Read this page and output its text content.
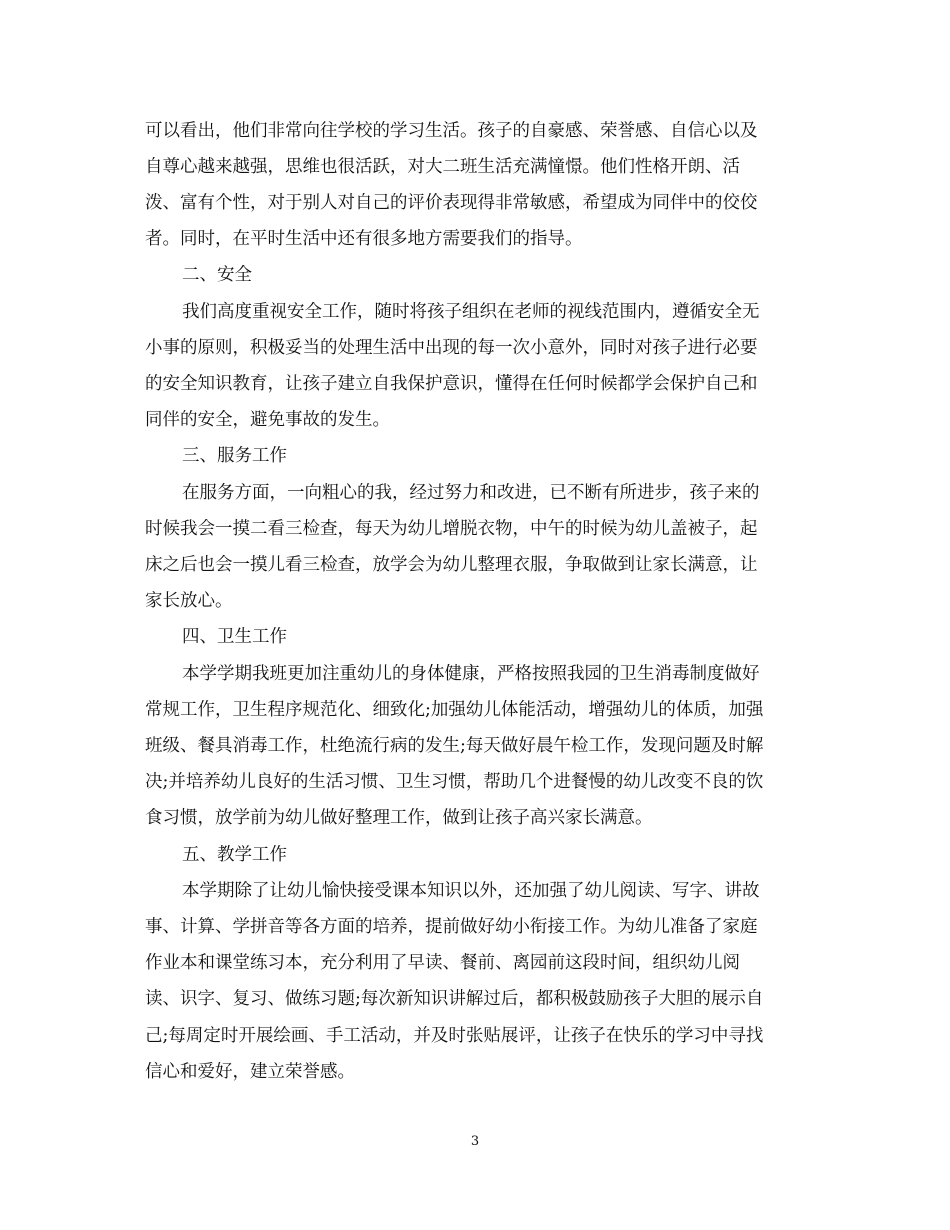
可以看出，他们非常向往学校的学习生活。孩子的自豪感、荣誉感、自信心以及
自尊心越来越强，思维也很活跃，对大二班生活充满憧憬。他们性格开朗、活
泼、富有个性，对于别人对自己的评价表现得非常敏感，希望成为同伴中的佼佼
者。同时，在平时生活中还有很多地方需要我们的指导。
二、安全
我们高度重视安全工作，随时将孩子组织在老师的视线范围内，遵循安全无
小事的原则，积极妥当的处理生活中出现的每一次小意外，同时对孩子进行必要
的安全知识教育，让孩子建立自我保护意识，懂得在任何时候都学会保护自己和
同伴的安全，避免事故的发生。
三、服务工作
在服务方面，一向粗心的我，经过努力和改进，已不断有所进步，孩子来的
时候我会一摸二看三检查，每天为幼儿增脱衣物，中午的时候为幼儿盖被子，起
床之后也会一摸儿看三检查，放学会为幼儿整理衣服，争取做到让家长满意，让
家长放心。
四、卫生工作
本学学期我班更加注重幼儿的身体健康，严格按照我园的卫生消毒制度做好
常规工作，卫生程序规范化、细致化;加强幼儿体能活动，增强幼儿的体质，加强
班级、餐具消毒工作，杜绝流行病的发生;每天做好晨午检工作，发现问题及时解
决;并培养幼儿良好的生活习惯、卫生习惯，帮助几个进餐慢的幼儿改变不良的饮
食习惯，放学前为幼儿做好整理工作，做到让孩子高兴家长满意。
五、教学工作
本学期除了让幼儿愉快接受课本知识以外，还加强了幼儿阅读、写字、讲故
事、计算、学拼音等各方面的培养，提前做好幼小衔接工作。为幼儿准备了家庭
作业本和课堂练习本，充分利用了早读、餐前、离园前这段时间，组织幼儿阅
读、识字、复习、做练习题;每次新知识讲解过后，都积极鼓励孩子大胆的展示自
己;每周定时开展绘画、手工活动，并及时张贴展评，让孩子在快乐的学习中寻找
信心和爱好，建立荣誉感。
3
